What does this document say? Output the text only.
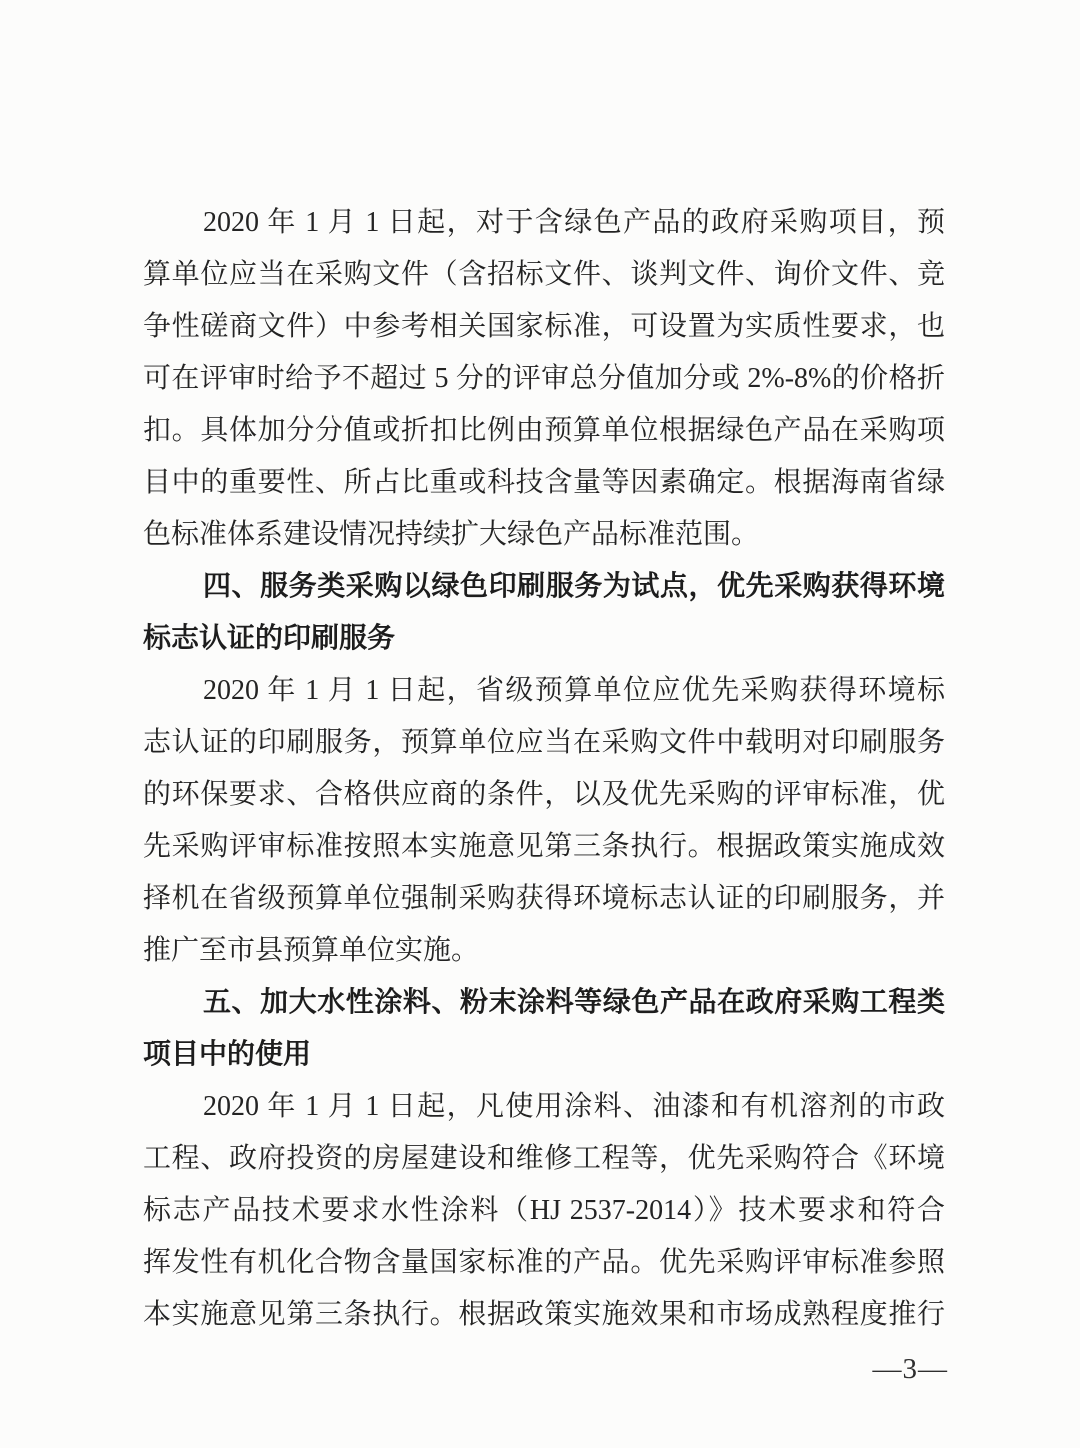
2020 年 1 月 1 日起，对于含绿色产品的政府采购项目，预
算单位应当在采购文件（含招标文件、谈判文件、询价文件、竞
争性磋商文件）中参考相关国家标准，可设置为实质性要求，也
可在评审时给予不超过 5 分的评审总分值加分或 2%-8%的价格折
扣。具体加分分值或折扣比例由预算单位根据绿色产品在采购项
目中的重要性、所占比重或科技含量等因素确定。根据海南省绿
色标准体系建设情况持续扩大绿色产品标准范围。
四、服务类采购以绿色印刷服务为试点，优先采购获得环境
标志认证的印刷服务
2020 年 1 月 1 日起，省级预算单位应优先采购获得环境标
志认证的印刷服务，预算单位应当在采购文件中载明对印刷服务
的环保要求、合格供应商的条件，以及优先采购的评审标准，优
先采购评审标准按照本实施意见第三条执行。根据政策实施成效
择机在省级预算单位强制采购获得环境标志认证的印刷服务，并
推广至市县预算单位实施。
五、加大水性涂料、粉末涂料等绿色产品在政府采购工程类
项目中的使用
2020 年 1 月 1 日起，凡使用涂料、油漆和有机溶剂的市政
工程、政府投资的房屋建设和维修工程等，优先采购符合《环境
标志产品技术要求水性涂料（HJ 2537-2014）》技术要求和符合
挥发性有机化合物含量国家标准的产品。优先采购评审标准参照
本实施意见第三条执行。根据政策实施效果和市场成熟程度推行
—3—
